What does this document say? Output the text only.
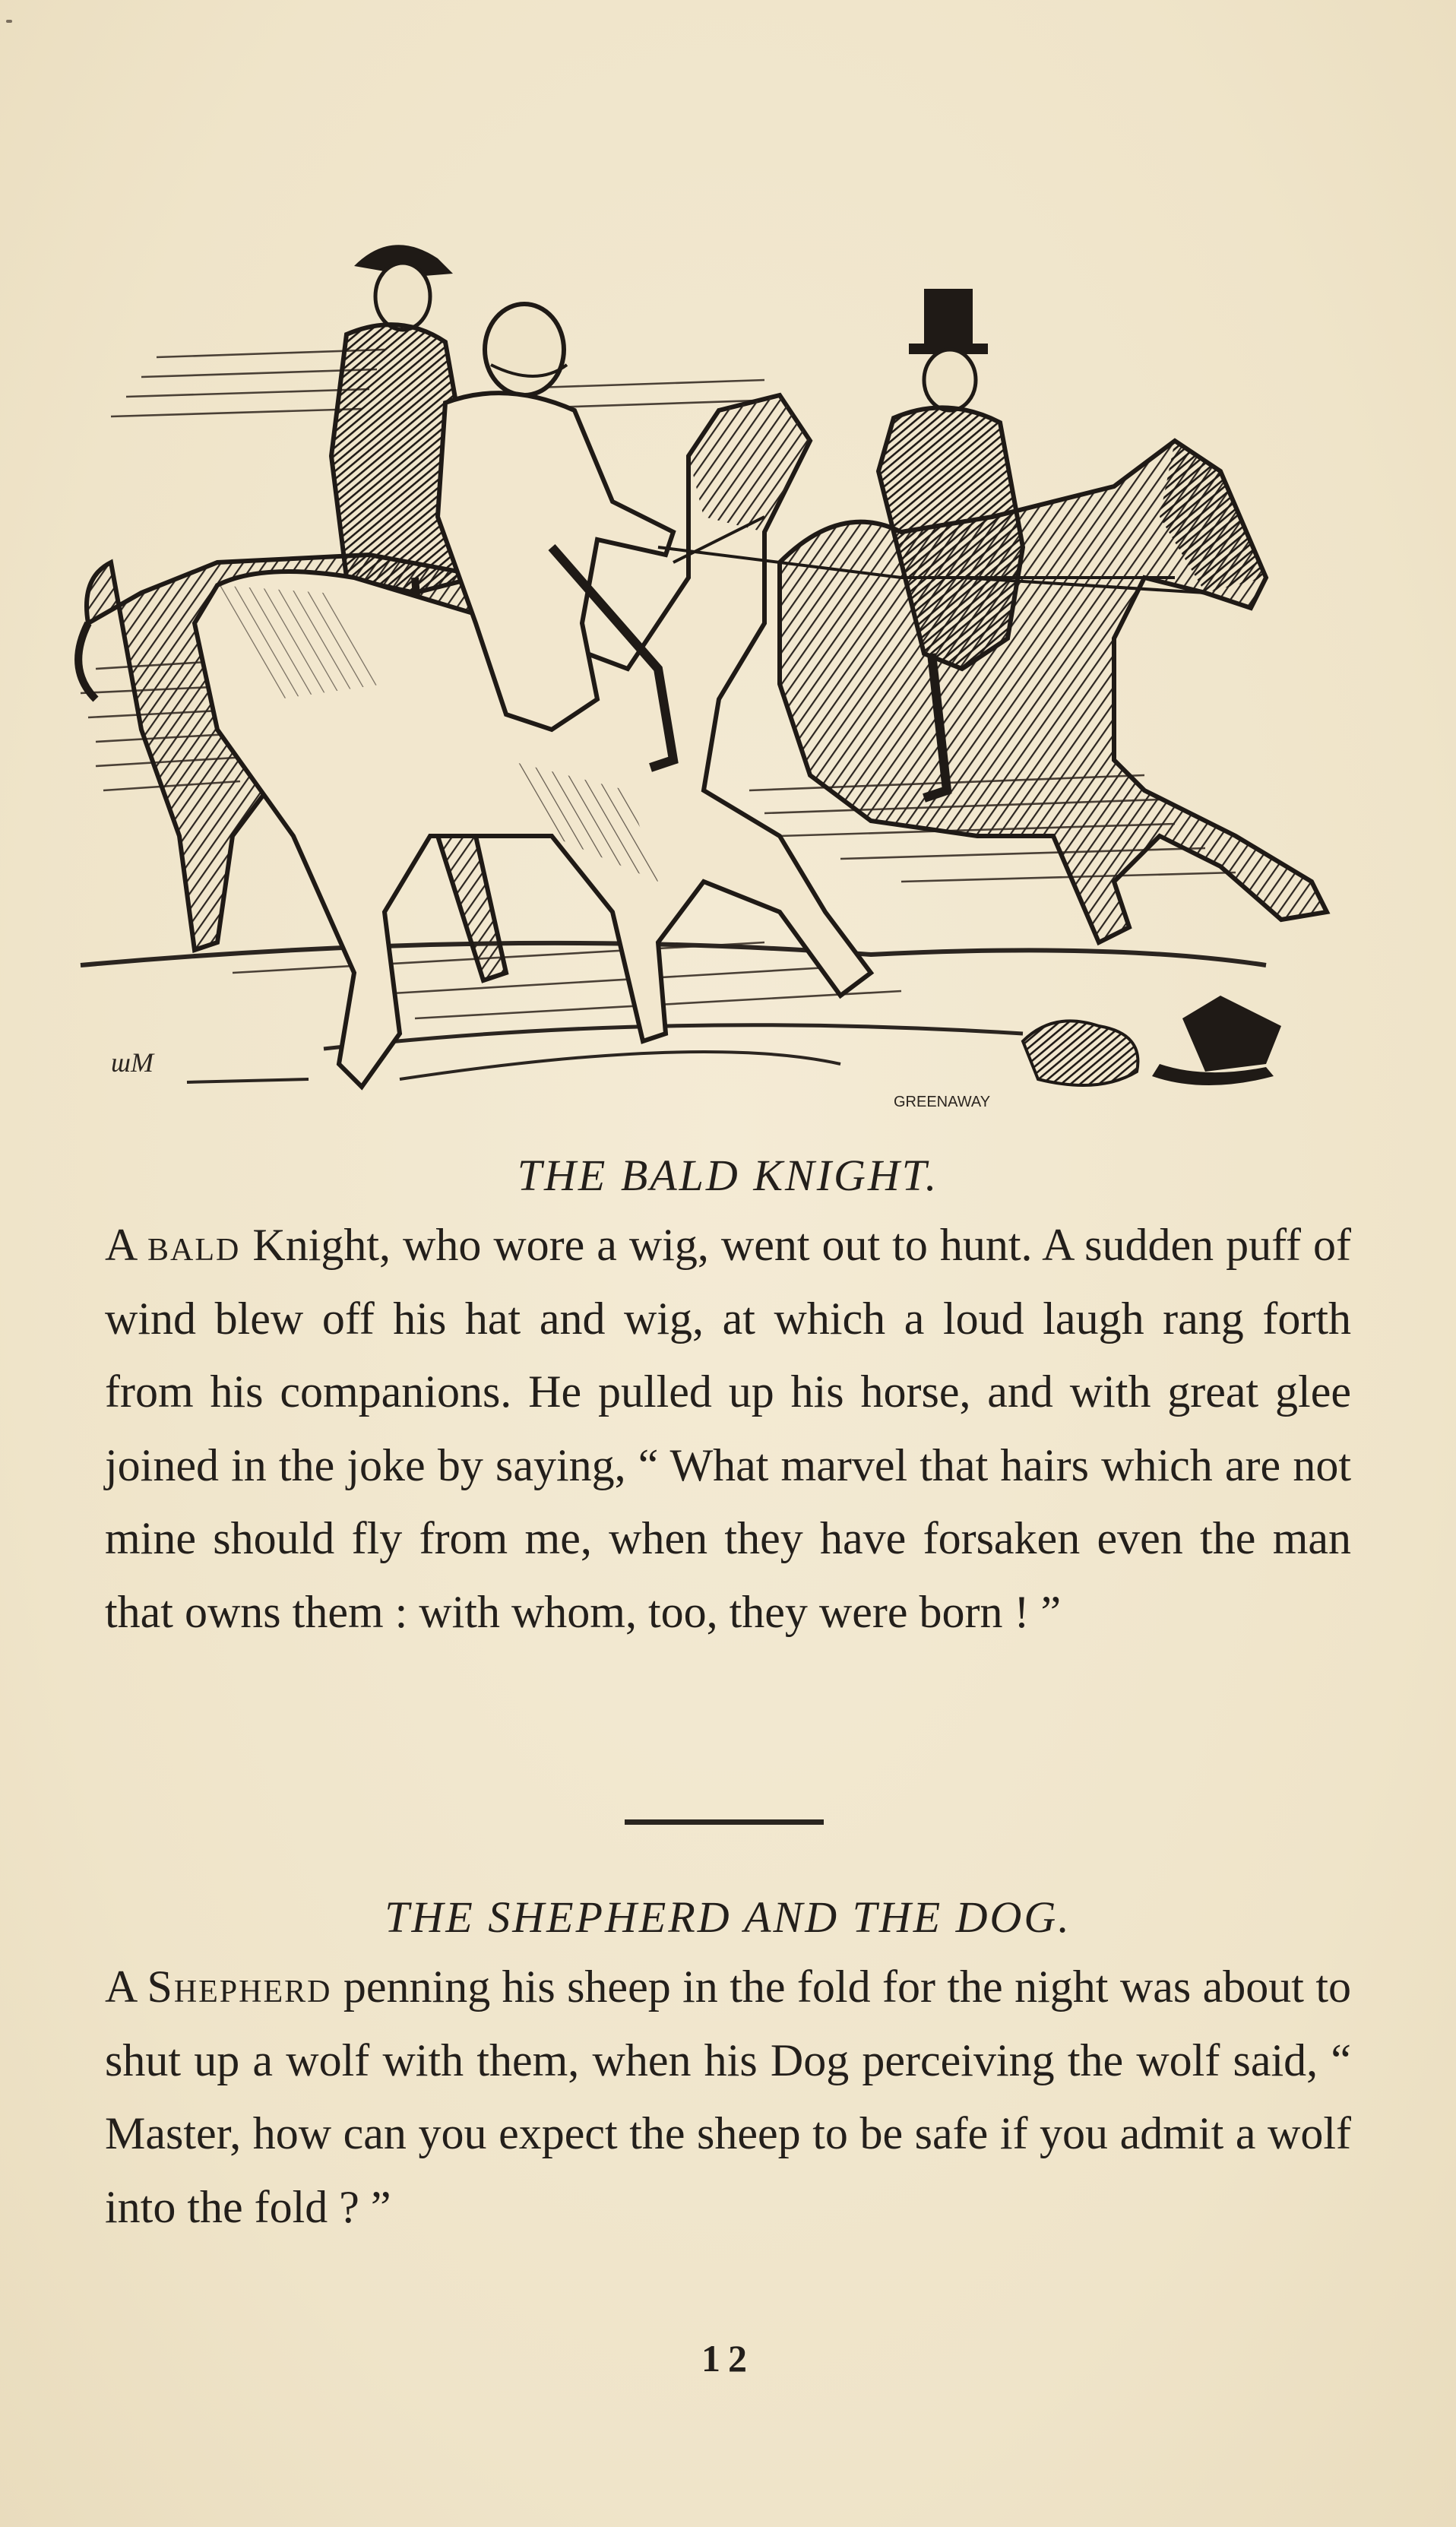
ɯM
GREENAWAY
THE BALD KNIGHT.

A bald Knight, who wore a wig, went out to hunt. A sudden puff of wind blew off his hat and wig, at which a loud laugh rang forth from his companions. He pulled up his horse, and with great glee joined in the joke by saying, “ What marvel that hairs which are not mine should fly from me, when they have forsaken even the man that owns them : with whom, too, they were born ! ”

THE SHEPHERD AND THE DOG.

A Shepherd penning his sheep in the fold for the night was about to shut up a wolf with them, when his Dog perceiving the wolf said, “ Master, how can you expect the sheep to be safe if you admit a wolf into the fold ? ”

12
